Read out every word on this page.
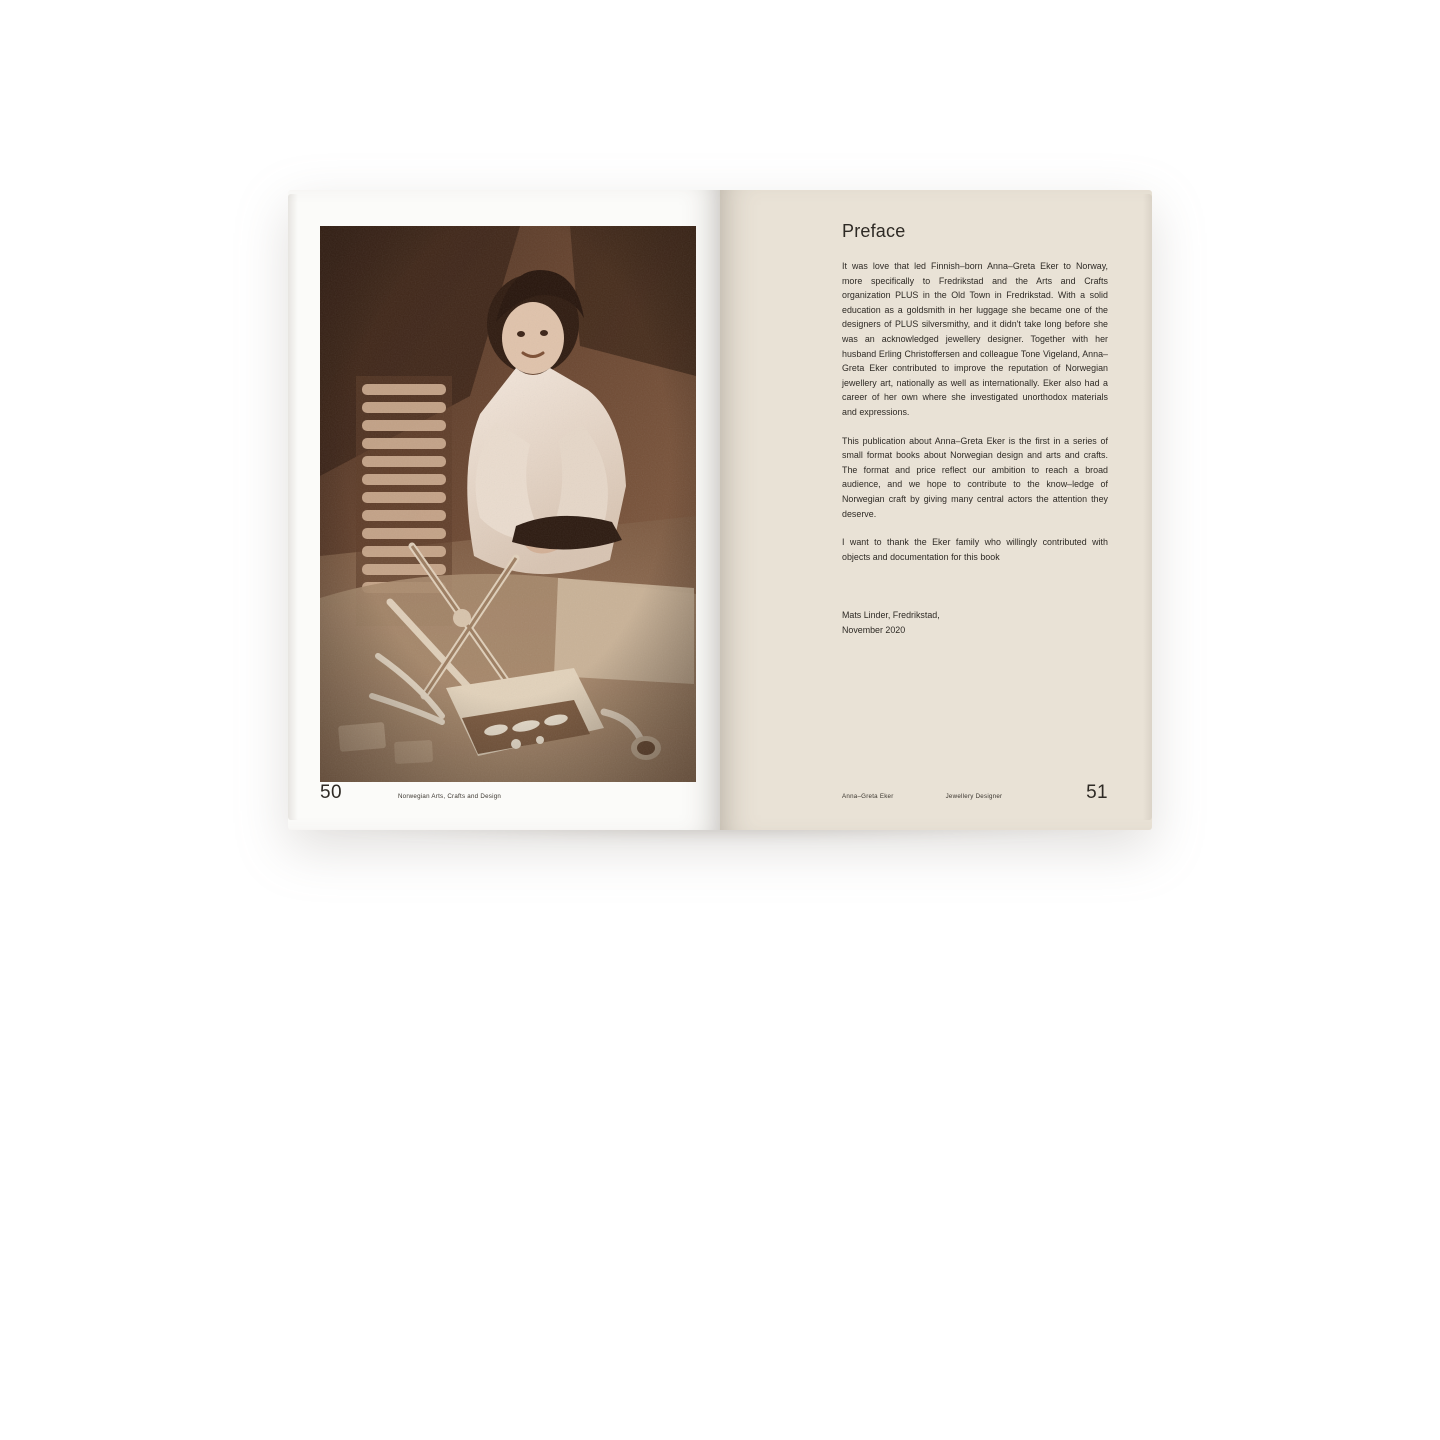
50	Norwegian Arts, Crafts and Design
Preface

It was love that led Finnish–born Anna–Greta Eker to Norway, more specifically to Fredrikstad and the Arts and Crafts organization PLUS in the Old Town in Fredrikstad. With a solid education as a goldsmith in her luggage she became one of the designers of PLUS silversmithy, and it didn't take long before she was an acknowledged jewellery designer. Together with her husband Erling Christoffersen and colleague Tone Vigeland, Anna–Greta Eker contributed to improve the reputation of Norwegian jewellery art, nationally as well as internationally. Eker also had a career of her own where she investigated unorthodox materials and expressions.

This publication about Anna–Greta Eker is the first in a series of small format books about Norwegian design and arts and crafts. The format and price reflect our ambition to reach a broad audience, and we hope to contribute to the know–ledge of Norwegian craft by giving many central actors the attention they deserve.

I want to thank the Eker family who willingly contributed with objects and documentation for this book

Mats Linder, Fredrikstad,
November 2020
Anna–Greta Eker	Jewellery Designer	51
